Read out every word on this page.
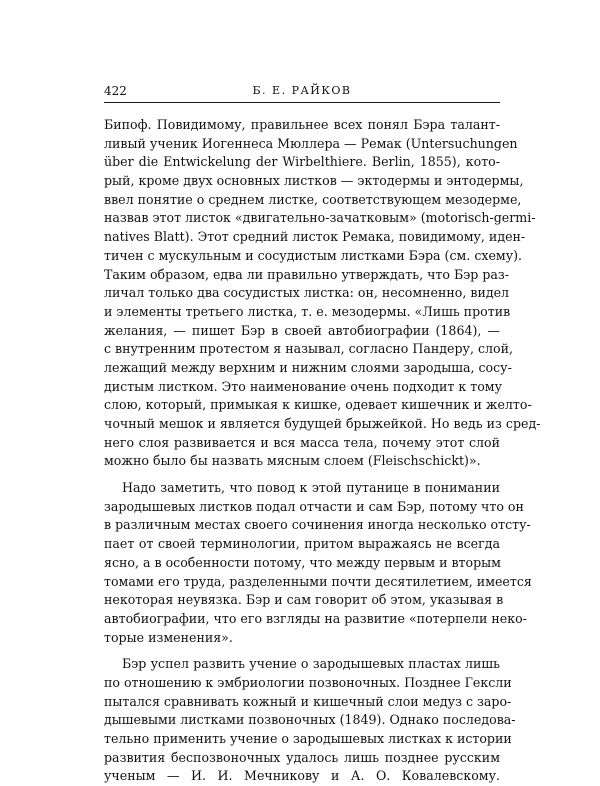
422	Б. Е. РАЙКОВ
Бипоф. Повидимому, правильнее всех понял Бэра талант-
ливый ученик Иогеннеса Мюллера — Ремак (Untersuchungen
über die Entwickelung der Wirbelthiere. Berlin, 1855), кото-
рый, кроме двух основных листков — эктодермы и энтодермы,
ввел понятие о среднем листке, соответствующем мезодерме,
назвав этот листок «двигательно-зачатковым» (motorisch-germi-
natives Blatt). Этот средний листок Ремака, повидимому, иден-
тичен с мускульным и сосудистым листками Бэра (см. схему).
Таким образом, едва ли правильно утверждать, что Бэр раз-
личал только два сосудистых листка: он, несомненно, видел
и элементы третьего листка, т. е. мезодермы. «Лишь против
желания, — пишет Бэр в своей автобиографии (1864), —
с внутренним протестом я называл, согласно Пандеру, слой,
лежащий между верхним и нижним слоями зародыша, сосу-
дистым листком. Это наименование очень подходит к тому
слою, который, примыкая к кишке, одевает кишечник и желто-
чочный мешок и является будущей брыжейкой. Но ведь из сред-
него слоя развивается и вся масса тела, почему этот слой
можно было бы назвать мясным слоем (Fleischschickt)».
Надо заметить, что повод к этой путанице в понимании
зародышевых листков подал отчасти и сам Бэр, потому что он
в различным местах своего сочинения иногда несколько отсту-
пает от своей терминологии, притом выражаясь не всегда
ясно, а в особенности потому, что между первым и вторым
томами его труда, разделенными почти десятилетием, имеется
некоторая неувязка. Бэр и сам говорит об этом, указывая в
автобиографии, что его взгляды на развитие «потерпели неко-
торые изменения».
Бэр успел развить учение о зародышевых пластах лишь
по отношению к эмбриологии позвоночных. Позднее Гексли
пытался сравнивать кожный и кишечный слои медуз с заро-
дышевыми листками позвоночных (1849). Однако последова-
тельно применить учение о зародышевых листках к истории
развития беспозвоночных удалось лишь позднее русским
ученым — И. И. Мечникову и А. О. Ковалевскому.
